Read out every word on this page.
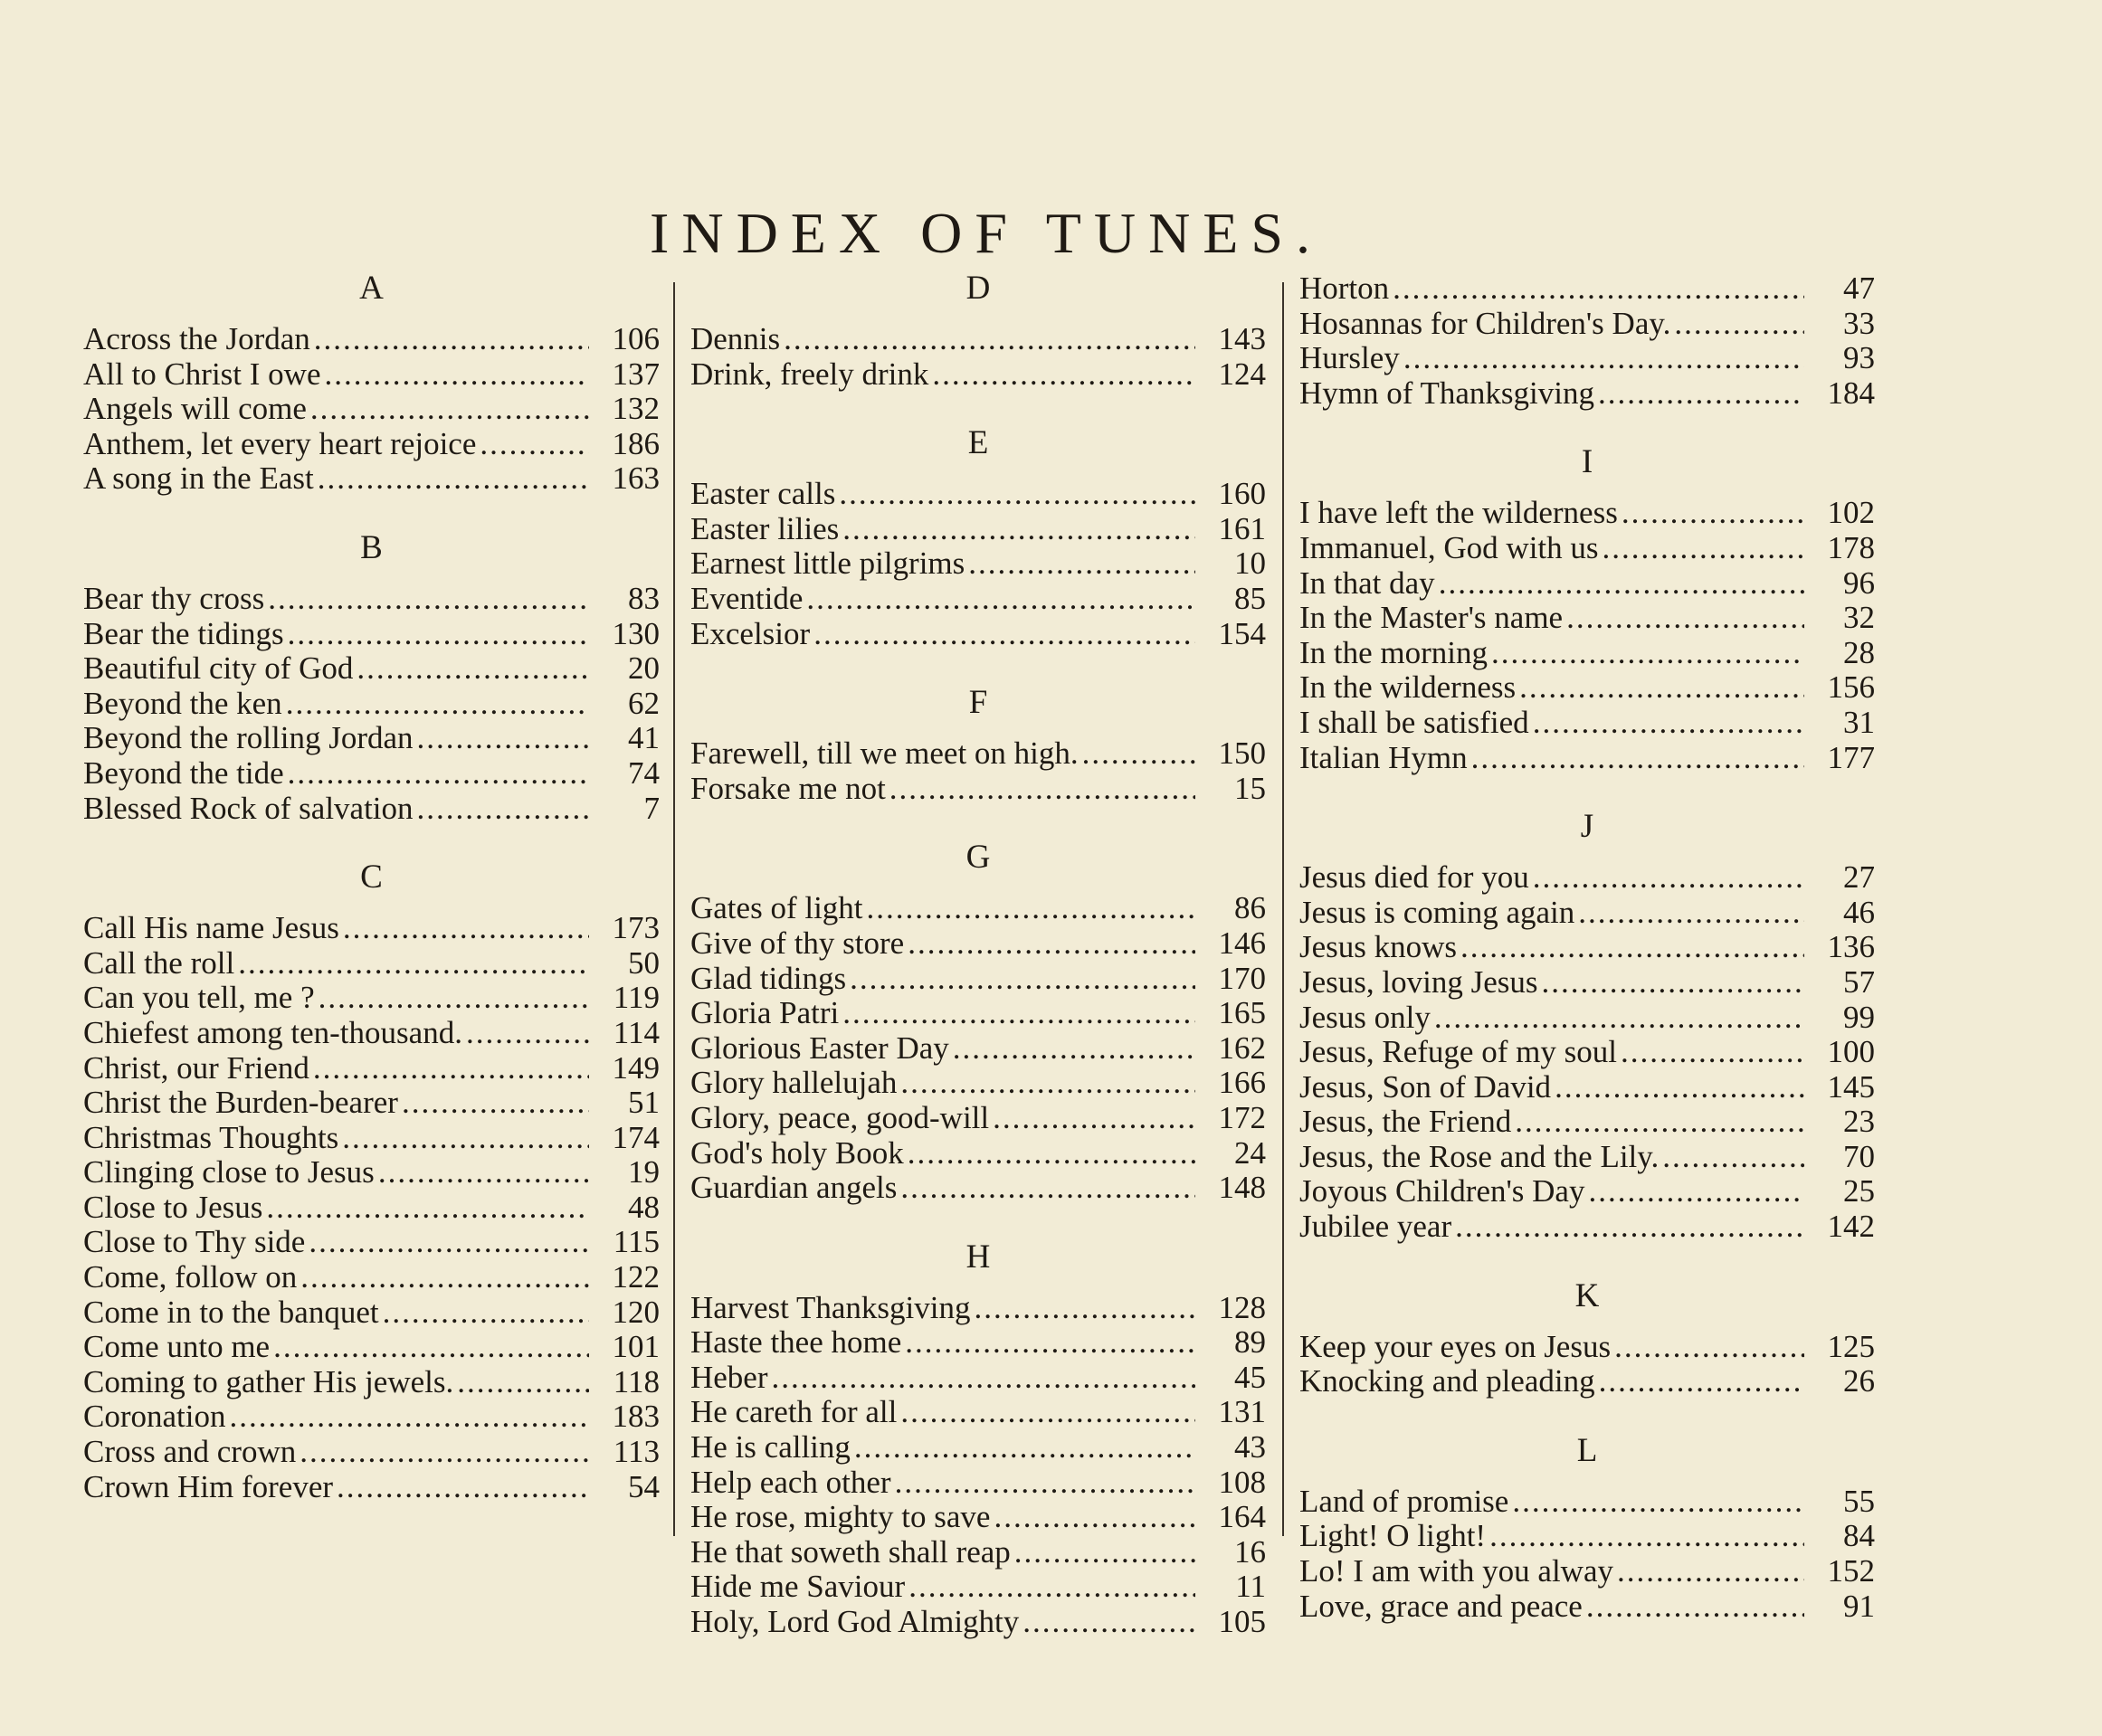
INDEX OF TUNES.
A
Across the Jordan .....	106
All to Christ I owe .....	137
Angels will come .....	132
Anthem, let every heart rejoice .....	186
A song in the East .....	163
B
Bear thy cross .....	83
Bear the tidings .....	130
Beautiful city of God .....	20
Beyond the ken .....	62
Beyond the rolling Jordan .....	41
Beyond the tide .....	74
Blessed Rock of salvation .....	7
C
Call His name Jesus .....	173
Call the roll .....	50
Can you tell, me ? .....	119
Chiefest among ten-thousand. .....	114
Christ, our Friend .....	149
Christ the Burden-bearer .....	51
Christmas Thoughts .....	174
Clinging close to Jesus .....	19
Close to Jesus .....	48
Close to Thy side .....	115
Come, follow on .....	122
Come in to the banquet .....	120
Come unto me .....	101
Coming to gather His jewels. .....	118
Coronation .....	183
Cross and crown .....	113
Crown Him forever .....	54
D
Dennis .....	143
Drink, freely drink .....	124
E
Easter calls .....	160
Easter lilies .....	161
Earnest little pilgrims .....	10
Eventide .....	85
Excelsior .....	154
F
Farewell, till we meet on high. .....	150
Forsake me not .....	15
G
Gates of light .....	86
Give of thy store .....	146
Glad tidings .....	170
Gloria Patri .....	165
Glorious Easter Day .....	162
Glory hallelujah .....	166
Glory, peace, good-will .....	172
God's holy Book .....	24
Guardian angels .....	148
H
Harvest Thanksgiving .....	128
Haste thee home .....	89
Heber .....	45
He careth for all .....	131
He is calling .....	43
Help each other .....	108
He rose, mighty to save .....	164
He that soweth shall reap .....	16
Hide me Saviour .....	11
Holy, Lord God Almighty .....	105
Horton .....	47
Hosannas for Children's Day. .....	33
Hursley .....	93
Hymn of Thanksgiving .....	184
I
I have left the wilderness .....	102
Immanuel, God with us .....	178
In that day .....	96
In the Master's name .....	32
In the morning .....	28
In the wilderness .....	156
I shall be satisfied .....	31
Italian Hymn .....	177
J
Jesus died for you .....	27
Jesus is coming again .....	46
Jesus knows .....	136
Jesus, loving Jesus .....	57
Jesus only .....	99
Jesus, Refuge of my soul .....	100
Jesus, Son of David .....	145
Jesus, the Friend .....	23
Jesus, the Rose and the Lily. .....	70
Joyous Children's Day .....	25
Jubilee year .....	142
K
Keep your eyes on Jesus .....	125
Knocking and pleading .....	26
L
Land of promise .....	55
Light! O light! .....	84
Lo! I am with you alway .....	152
Love, grace and peace .....	91
